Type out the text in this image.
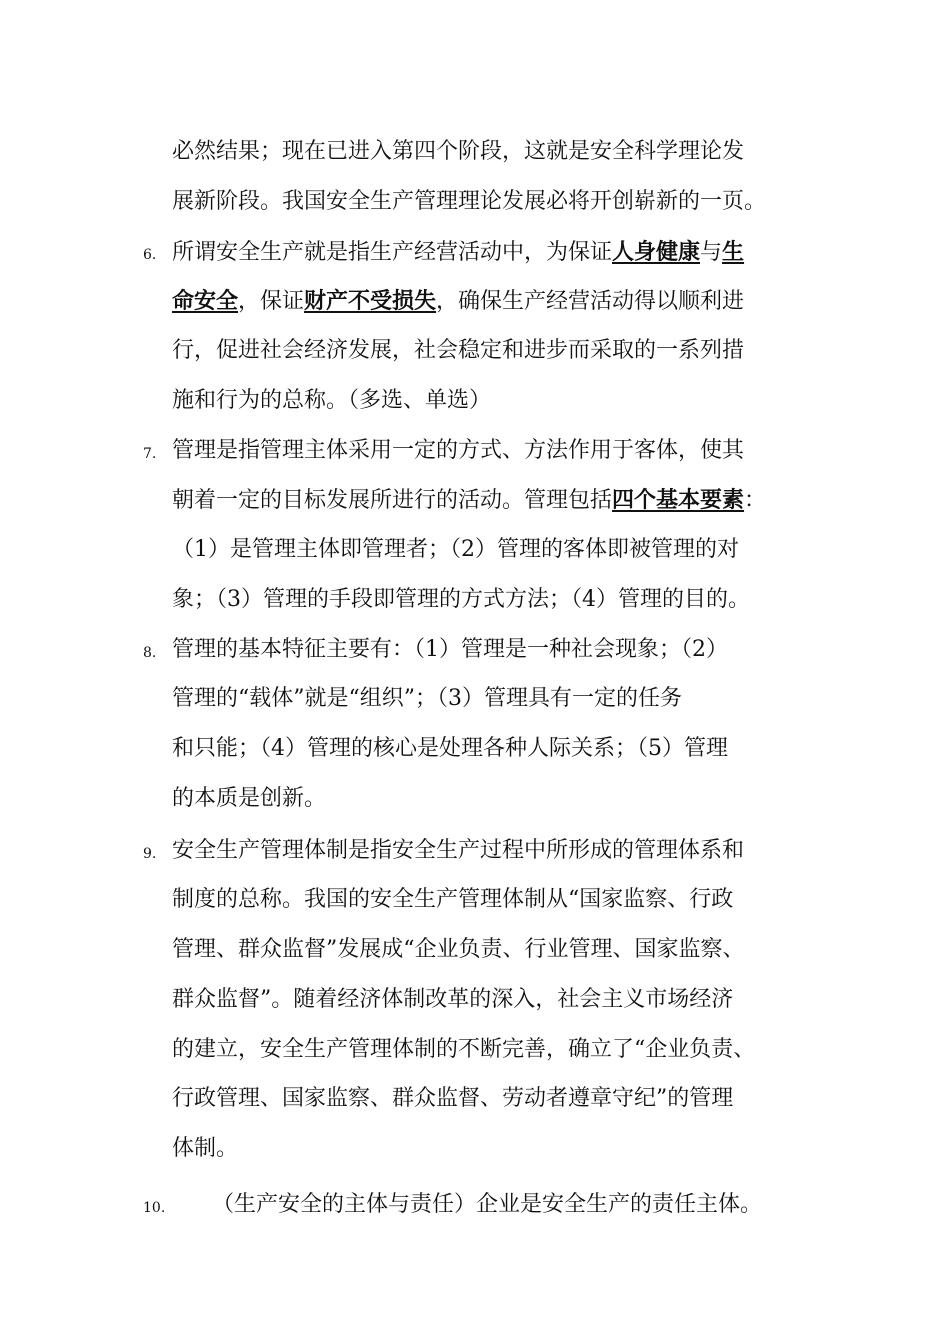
必然结果；现在已进入第四个阶段，这就是安全科学理论发
展新阶段。我国安全生产管理理论发展必将开创崭新的一页。
6. 所谓安全生产就是指生产经营活动中，为保证人身健康与生
命安全，保证财产不受损失，确保生产经营活动得以顺利进
行，促进社会经济发展，社会稳定和进步而采取的一系列措
施和行为的总称。（多选、单选）
7. 管理是指管理主体采用一定的方式、方法作用于客体，使其
朝着一定的目标发展所进行的活动。管理包括四个基本要素：
（1）是管理主体即管理者；（2）管理的客体即被管理的对
象；（3）管理的手段即管理的方式方法；（4）管理的目的。
8. 管理的基本特征主要有：（1）管理是一种社会现象；（2）
管理的“载体”就是“组织”；（3）管理具有一定的任务
和只能；（4）管理的核心是处理各种人际关系；（5）管理
的本质是创新。
9. 安全生产管理体制是指安全生产过程中所形成的管理体系和
制度的总称。我国的安全生产管理体制从“国家监察、行政
管理、群众监督”发展成“企业负责、行业管理、国家监察、
群众监督”。随着经济体制改革的深入，社会主义市场经济
的建立，安全生产管理体制的不断完善，确立了“企业负责、
行政管理、国家监察、群众监督、劳动者遵章守纪”的管理
体制。
10. （生产安全的主体与责任）企业是安全生产的责任主体。
